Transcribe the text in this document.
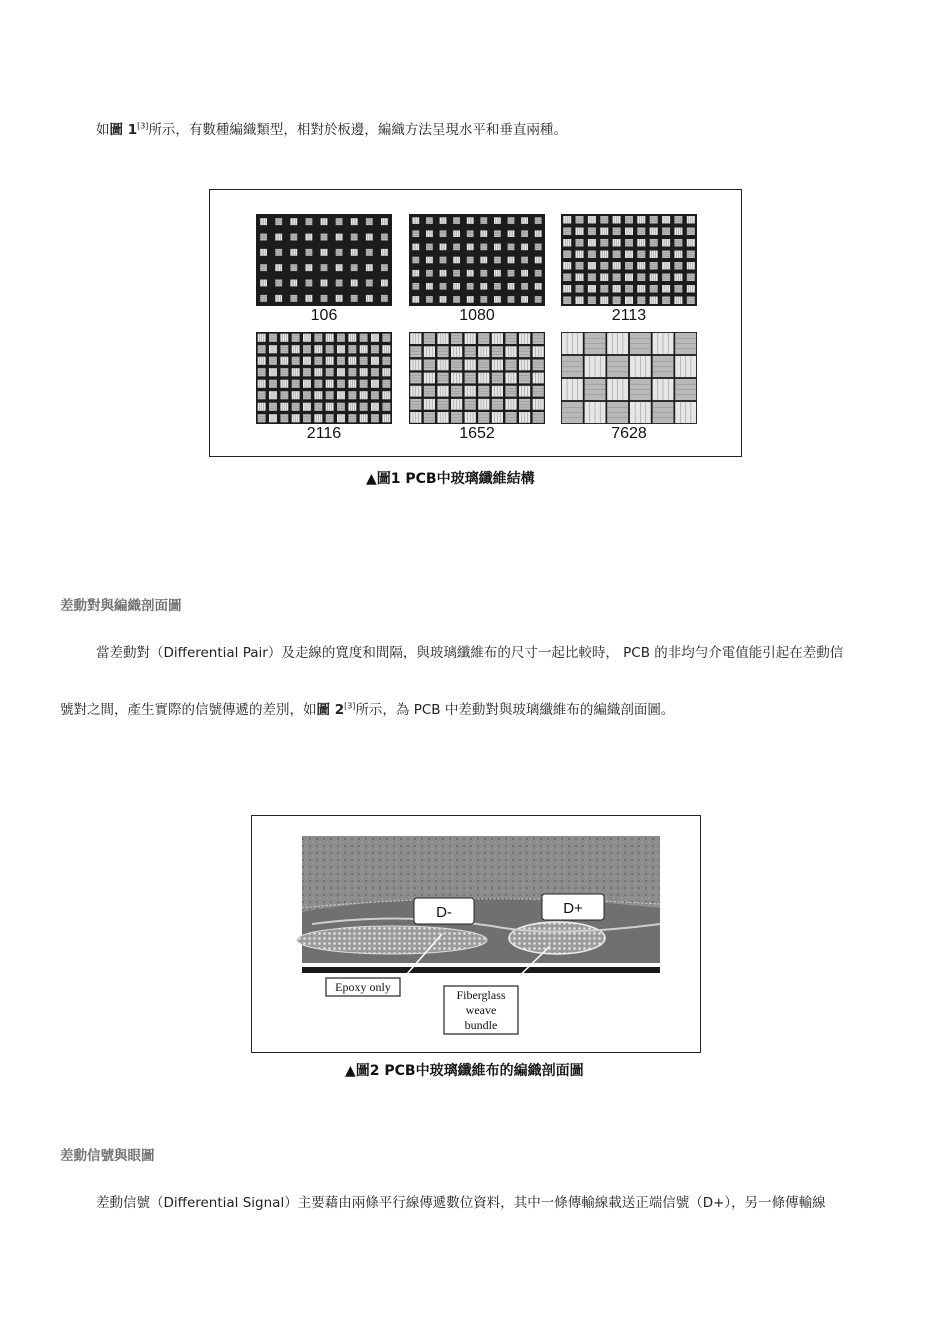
如圖 1[3]所示，有數種編織類型，相對於板邊，編織方法呈現水平和垂直兩種。
106	1080	2113
2116	1652	7628
▲圖1 PCB中玻璃纖維結構
差動對與編織剖面圖
當差動對（Differential Pair）及走線的寬度和間隔，與玻璃纖維布的尺寸一起比較時， PCB 的非均勻介電值能引起在差動信
號對之間，產生實際的信號傳遞的差別，如圖 2[3]所示，為 PCB 中差動對與玻璃纖維布的編織剖面圖。
D-	D+
Epoxy only
Fiberglass
weave
bundle
▲圖2 PCB中玻璃纖維布的編織剖面圖
差動信號與眼圖
差動信號（Differential Signal）主要藉由兩條平行線傳遞數位資料，其中一條傳輸線載送正端信號（D+），另一條傳輸線
